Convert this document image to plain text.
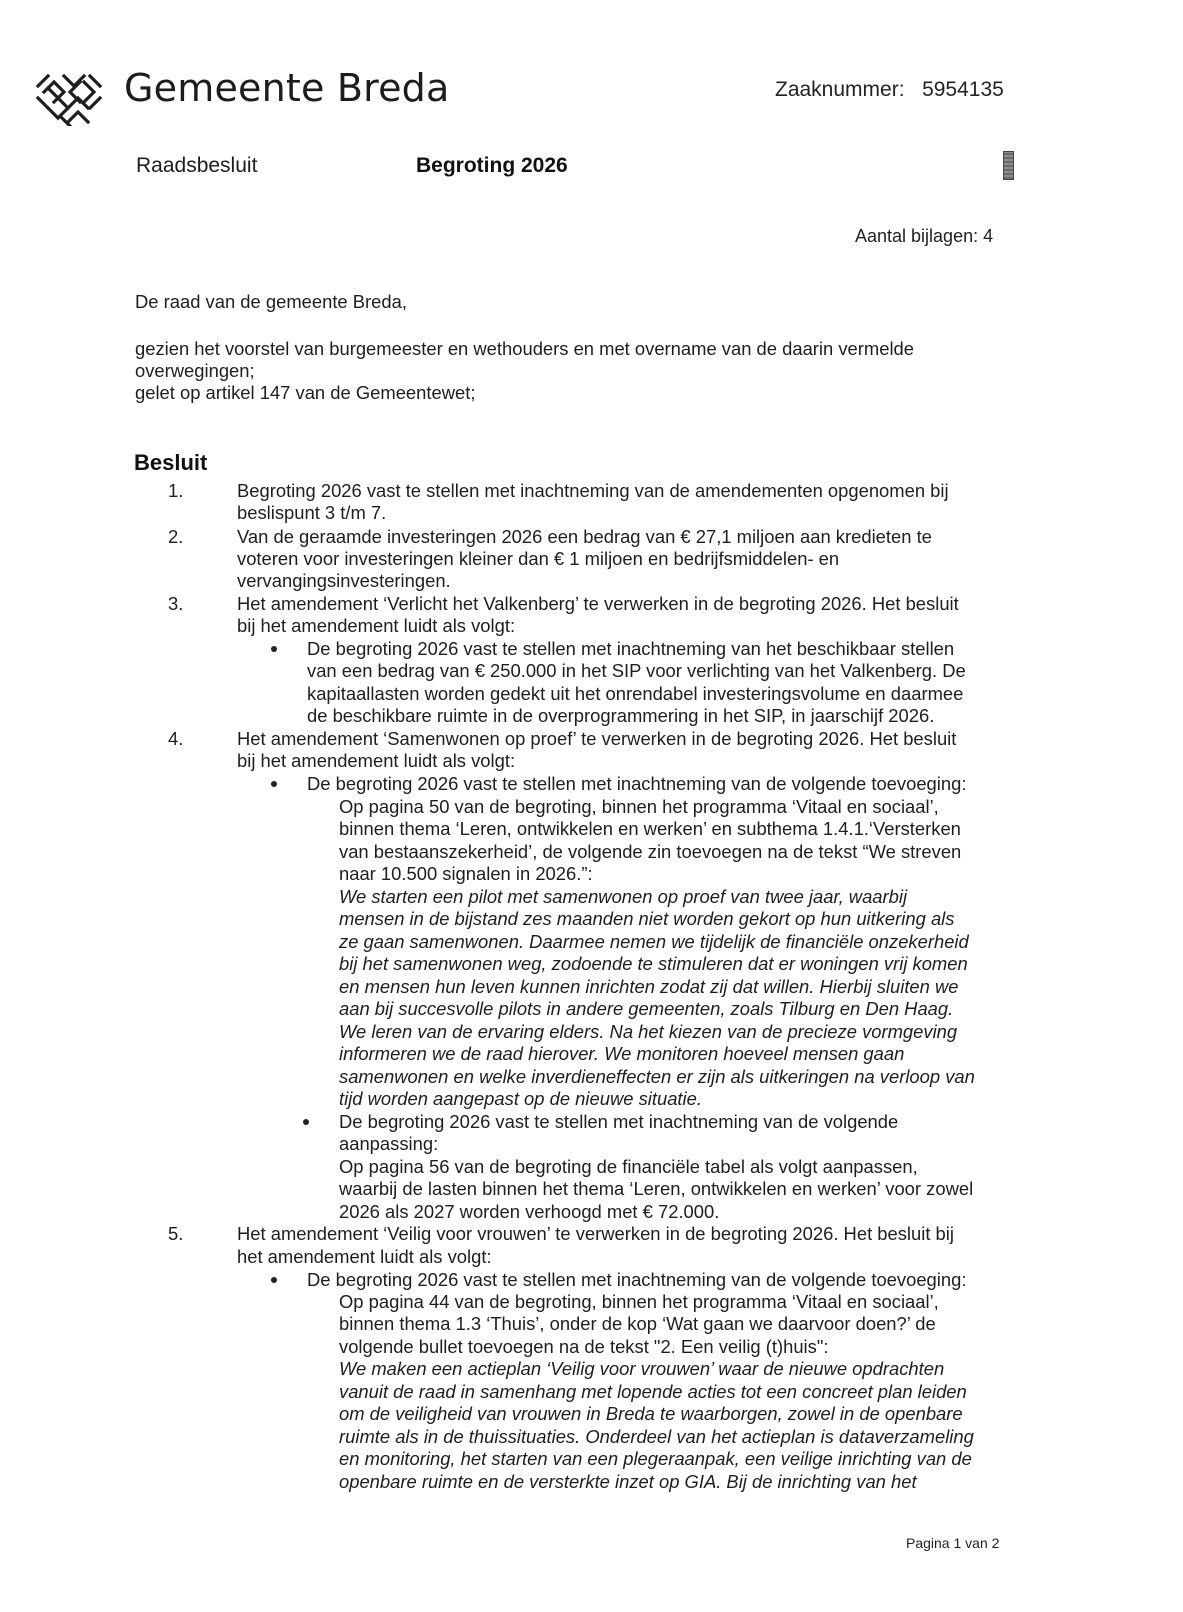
Gemeente Breda	Zaaknummer: 5954135
Raadsbesluit	Begroting 2026
Aantal bijlagen: 4
De raad van de gemeente Breda,
gezien het voorstel van burgemeester en wethouders en met overname van de daarin vermelde
overwegingen;
gelet op artikel 147 van de Gemeentewet;
Besluit
1.	Begroting 2026 vast te stellen met inachtneming van de amendementen opgenomen bij
beslispunt 3 t/m 7.
2.	Van de geraamde investeringen 2026 een bedrag van € 27,1 miljoen aan kredieten te
voteren voor investeringen kleiner dan € 1 miljoen en bedrijfsmiddelen- en
vervangingsinvesteringen.
3.	Het amendement ‘Verlicht het Valkenberg’ te verwerken in de begroting 2026. Het besluit
bij het amendement luidt als volgt:
De begroting 2026 vast te stellen met inachtneming van het beschikbaar stellen
van een bedrag van € 250.000 in het SIP voor verlichting van het Valkenberg. De
kapitaallasten worden gedekt uit het onrendabel investeringsvolume en daarmee
de beschikbare ruimte in de overprogrammering in het SIP, in jaarschijf 2026.
4.	Het amendement ‘Samenwonen op proef’ te verwerken in de begroting 2026. Het besluit
bij het amendement luidt als volgt:
De begroting 2026 vast te stellen met inachtneming van de volgende toevoeging:
Op pagina 50 van de begroting, binnen het programma ‘Vitaal en sociaal’,
binnen thema ‘Leren, ontwikkelen en werken’ en subthema 1.4.1.‘Versterken
van bestaanszekerheid’, de volgende zin toevoegen na de tekst “We streven
naar 10.500 signalen in 2026.”:
We starten een pilot met samenwonen op proef van twee jaar, waarbij
mensen in de bijstand zes maanden niet worden gekort op hun uitkering als
ze gaan samenwonen. Daarmee nemen we tijdelijk de financiële onzekerheid
bij het samenwonen weg, zodoende te stimuleren dat er woningen vrij komen
en mensen hun leven kunnen inrichten zodat zij dat willen. Hierbij sluiten we
aan bij succesvolle pilots in andere gemeenten, zoals Tilburg en Den Haag.
We leren van de ervaring elders. Na het kiezen van de precieze vormgeving
informeren we de raad hierover. We monitoren hoeveel mensen gaan
samenwonen en welke inverdieneffecten er zijn als uitkeringen na verloop van
tijd worden aangepast op de nieuwe situatie.
De begroting 2026 vast te stellen met inachtneming van de volgende
aanpassing:
Op pagina 56 van de begroting de financiële tabel als volgt aanpassen,
waarbij de lasten binnen het thema ‘Leren, ontwikkelen en werken’ voor zowel
2026 als 2027 worden verhoogd met € 72.000.
5.	Het amendement ‘Veilig voor vrouwen’ te verwerken in de begroting 2026. Het besluit bij
het amendement luidt als volgt:
De begroting 2026 vast te stellen met inachtneming van de volgende toevoeging:
Op pagina 44 van de begroting, binnen het programma ‘Vitaal en sociaal’,
binnen thema 1.3 ‘Thuis’, onder de kop ‘Wat gaan we daarvoor doen?’ de
volgende bullet toevoegen na de tekst "2. Een veilig (t)huis":
We maken een actieplan ‘Veilig voor vrouwen’ waar de nieuwe opdrachten
vanuit de raad in samenhang met lopende acties tot een concreet plan leiden
om de veiligheid van vrouwen in Breda te waarborgen, zowel in de openbare
ruimte als in de thuissituaties. Onderdeel van het actieplan is dataverzameling
en monitoring, het starten van een plegeraanpak, een veilige inrichting van de
openbare ruimte en de versterkte inzet op GIA. Bij de inrichting van het
Pagina 1 van 2
